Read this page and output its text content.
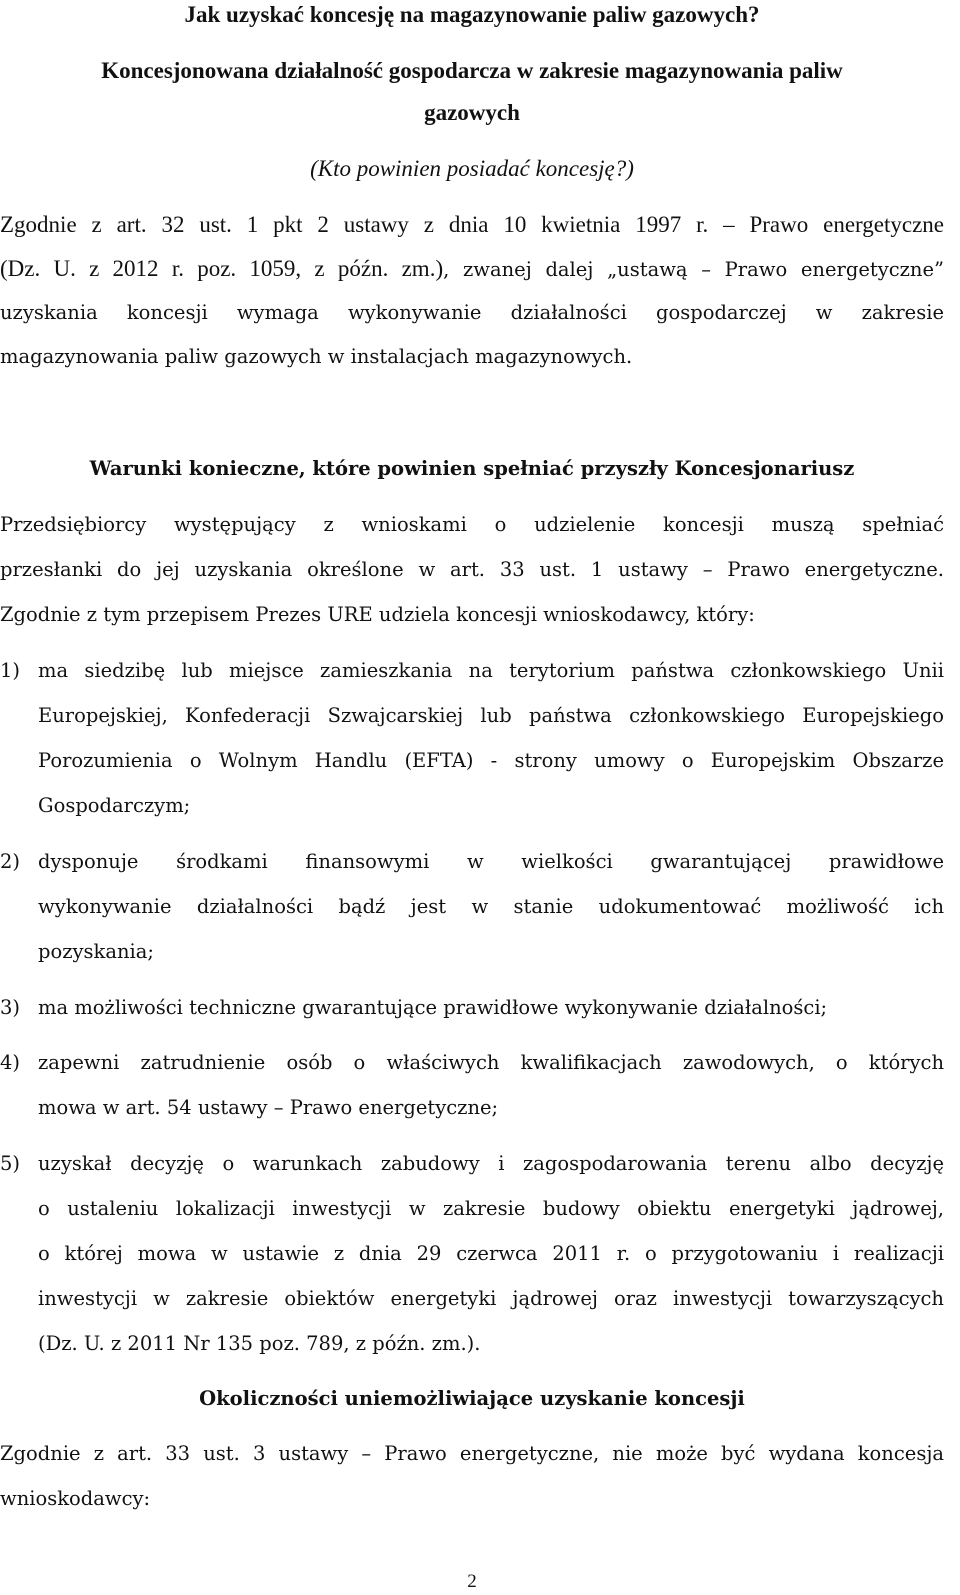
Jak uzyskać koncesję na magazynowanie paliw gazowych?
Koncesjonowana działalność gospodarcza w zakresie magazynowania paliw
gazowych
(Kto powinien posiadać koncesję?)
Zgodnie z art. 32 ust. 1 pkt 2 ustawy z dnia 10 kwietnia 1997 r. – Prawo energetyczne
(Dz. U. z 2012 r. poz. 1059, z późn. zm.), zwanej dalej „ustawą – Prawo energetyczne”
uzyskania koncesji wymaga wykonywanie działalności gospodarczej w zakresie
magazynowania paliw gazowych w instalacjach magazynowych.
Warunki konieczne, które powinien spełniać przyszły Koncesjonariusz
Przedsiębiorcy występujący z wnioskami o udzielenie koncesji muszą spełniać
przesłanki do jej uzyskania określone w art. 33 ust. 1 ustawy – Prawo energetyczne.
Zgodnie z tym przepisem Prezes URE udziela koncesji wnioskodawcy, który:
1) ma siedzibę lub miejsce zamieszkania na terytorium państwa członkowskiego Unii
Europejskiej, Konfederacji Szwajcarskiej lub państwa członkowskiego Europejskiego
Porozumienia o Wolnym Handlu (EFTA) - strony umowy o Europejskim Obszarze
Gospodarczym;
2) dysponuje środkami finansowymi w wielkości gwarantującej prawidłowe
wykonywanie działalności bądź jest w stanie udokumentować możliwość ich
pozyskania;
3) ma możliwości techniczne gwarantujące prawidłowe wykonywanie działalności;
4) zapewni zatrudnienie osób o właściwych kwalifikacjach zawodowych, o których
mowa w art. 54 ustawy – Prawo energetyczne;
5) uzyskał decyzję o warunkach zabudowy i zagospodarowania terenu albo decyzję
o ustaleniu lokalizacji inwestycji w zakresie budowy obiektu energetyki jądrowej,
o której mowa w ustawie z dnia 29 czerwca 2011 r. o przygotowaniu i realizacji
inwestycji w zakresie obiektów energetyki jądrowej oraz inwestycji towarzyszących
(Dz. U. z 2011 Nr 135 poz. 789, z późn. zm.).
Okoliczności uniemożliwiające uzyskanie koncesji
Zgodnie z art. 33 ust. 3 ustawy – Prawo energetyczne, nie może być wydana koncesja
wnioskodawcy:
2
